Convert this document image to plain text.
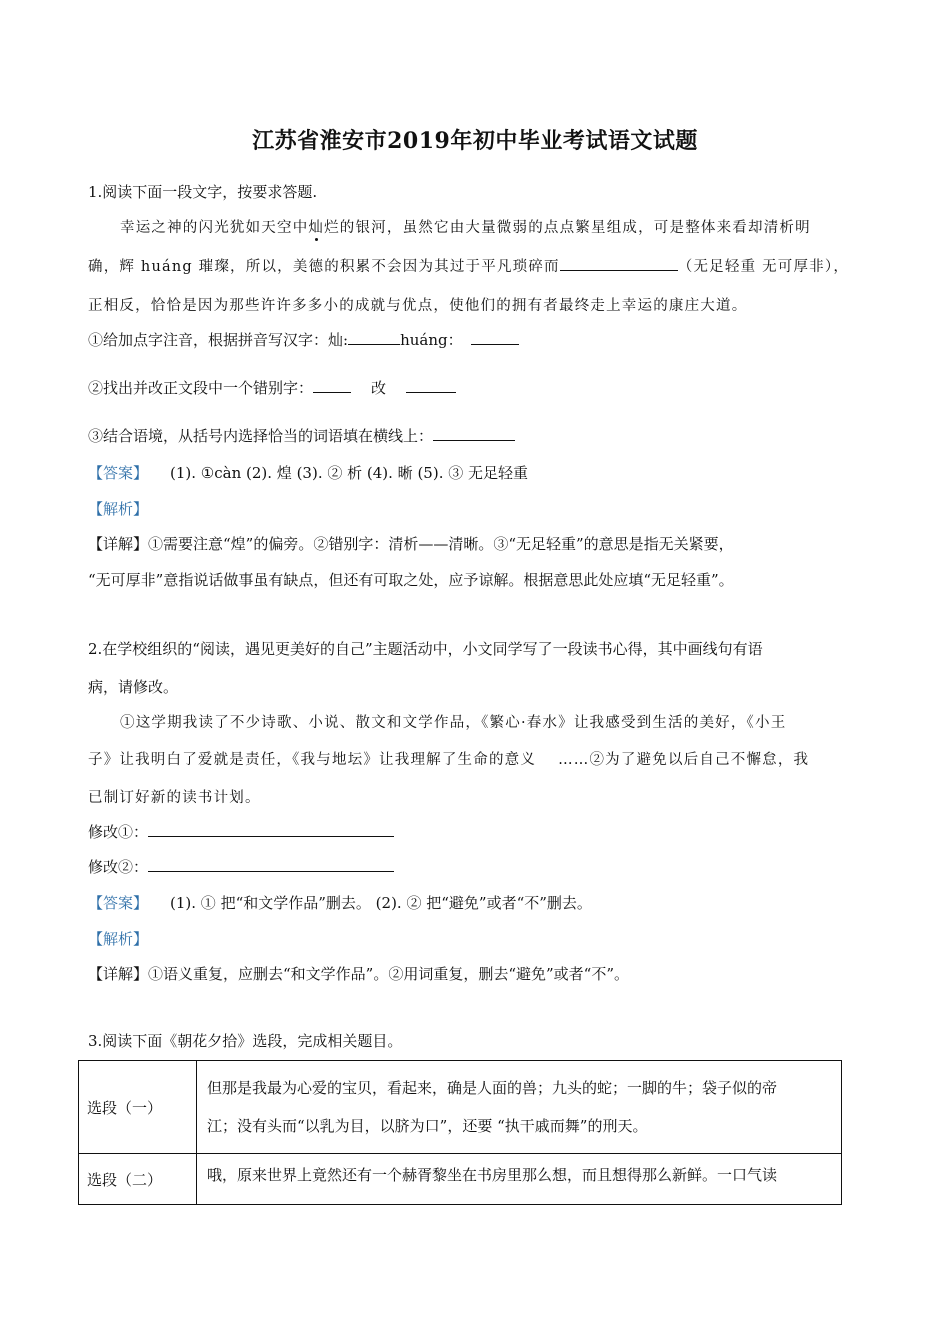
江苏省淮安市2019年初中毕业考试语文试题
1.阅读下面一段文字，按要求答题.
幸运之神的闪光犹如天空中灿烂的银河，虽然它由大量微弱的点点繁星组成，可是整体来看却清析明
确，辉 huáng 璀璨，所以，美德的积累不会因为其过于平凡琐碎而	（无足轻重 无可厚非），
正相反，恰恰是因为那些许许多多小的成就与优点，使他们的拥有者最终走上幸运的康庄大道。
①给加点字注音，根据拼音写汉字：灿:	huáng：
②找出并改正文段中一个错别字：	改
③结合语境，从括号内选择恰当的词语填在横线上：
【答案】 (1). ①càn (2). 煌 (3). ② 析 (4). 晰 (5). ③ 无足轻重
【解析】
【详解】①需要注意“煌”的偏旁。②错别字：清析——清晰。③“无足轻重”的意思是指无关紧要，
“无可厚非”意指说话做事虽有缺点，但还有可取之处，应予谅解。根据意思此处应填“无足轻重”。
2.在学校组织的“阅读，遇见更美好的自己”主题活动中，小文同学写了一段读书心得，其中画线句有语
病，请修改。
①这学期我读了不少诗歌、小说、散文和文学作品，《繁心·春水》让我感受到生活的美好，《小王
子》让我明白了爱就是责任，《我与地坛》让我理解了生命的意义 ……②为了避免以后自己不懈怠，我
已制订好新的读书计划。
修改①：
修改②：
【答案】 (1). ① 把“和文学作品”删去。 (2). ② 把“避免”或者“不”删去。
【解析】
【详解】①语义重复，应删去“和文学作品”。②用词重复，删去“避免”或者“不”。
3.阅读下面《朝花夕拾》选段，完成相关题目。
选段（一）	但那是我最为心爱的宝贝，看起来，确是人面的兽；九头的蛇；一脚的牛；袋子似的帝
江；没有头而“以乳为目，以脐为口”，还要 “执干戚而舞”的刑天。

选段（二）	哦，原来世界上竟然还有一个赫胥黎坐在书房里那么想，而且想得那么新鲜。一口气读
